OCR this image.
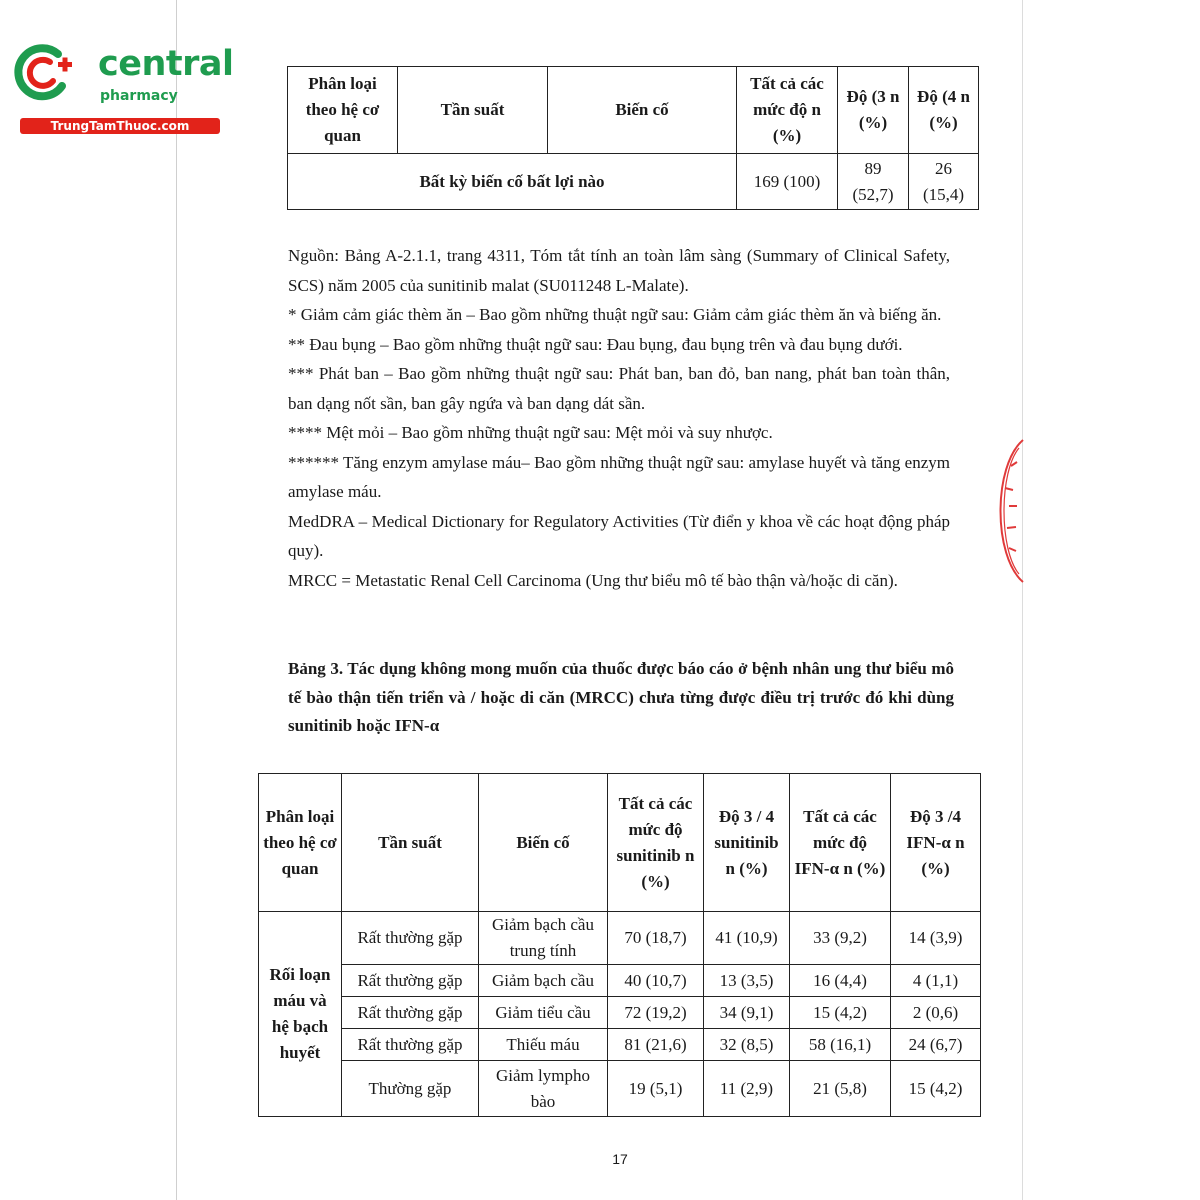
central
pharmacy
TrungTamThuoc.com
Phân loại theo hệ cơ quan	Tần suất	Biến cố	Tất cả các mức độ n (%)	Độ (3 n (%)	Độ (4 n (%)
Bất kỳ biến cố bất lợi nào			169 (100)	89 (52,7)	26 (15,4)

Nguồn: Bảng A-2.1.1, trang 4311, Tóm tắt tính an toàn lâm sàng (Summary of Clinical Safety, SCS) năm 2005 của sunitinib malat (SU011248 L-Malate).

* Giảm cảm giác thèm ăn – Bao gồm những thuật ngữ sau: Giảm cảm giác thèm ăn và biếng ăn.

** Đau bụng – Bao gồm những thuật ngữ sau: Đau bụng, đau bụng trên và đau bụng dưới.

*** Phát ban – Bao gồm những thuật ngữ sau: Phát ban, ban đỏ, ban nang, phát ban toàn thân, ban dạng nốt sần, ban gây ngứa và ban dạng dát sần.

**** Mệt mỏi – Bao gồm những thuật ngữ sau: Mệt mỏi và suy nhược.

****** Tăng enzym amylase máu– Bao gồm những thuật ngữ sau: amylase huyết và tăng enzym amylase máu.

MedDRA – Medical Dictionary for Regulatory Activities (Từ điển y khoa về các hoạt động pháp quy).

MRCC = Metastatic Renal Cell Carcinoma (Ung thư biểu mô tế bào thận và/hoặc di căn).

Bảng 3. Tác dụng không mong muốn của thuốc được báo cáo ở bệnh nhân ung thư biểu mô tế bào thận tiến triển và / hoặc di căn (MRCC) chưa từng được điều trị trước đó khi dùng sunitinib hoặc IFN-α
Phân loại theo hệ cơ quan	Tần suất	Biến cố	Tất cả các mức độ sunitinib n (%)	Độ 3 / 4 sunitinib n (%)	Tất cả các mức độ IFN-α n (%)	Độ 3 /4 IFN-α n (%)
Rối loạn máu và hệ bạch huyết	Rất thường gặp	Giảm bạch cầu trung tính	70 (18,7)	41 (10,9)	33 (9,2)	14 (3,9)
	Rất thường gặp	Giảm bạch cầu	40 (10,7)	13 (3,5)	16 (4,4)	4 (1,1)
	Rất thường gặp	Giảm tiểu cầu	72 (19,2)	34 (9,1)	15 (4,2)	2 (0,6)
	Rất thường gặp	Thiếu máu	81 (21,6)	32 (8,5)	58 (16,1)	24 (6,7)
	Thường gặp	Giảm lympho bào	19 (5,1)	11 (2,9)	21 (5,8)	15 (4,2)
17
